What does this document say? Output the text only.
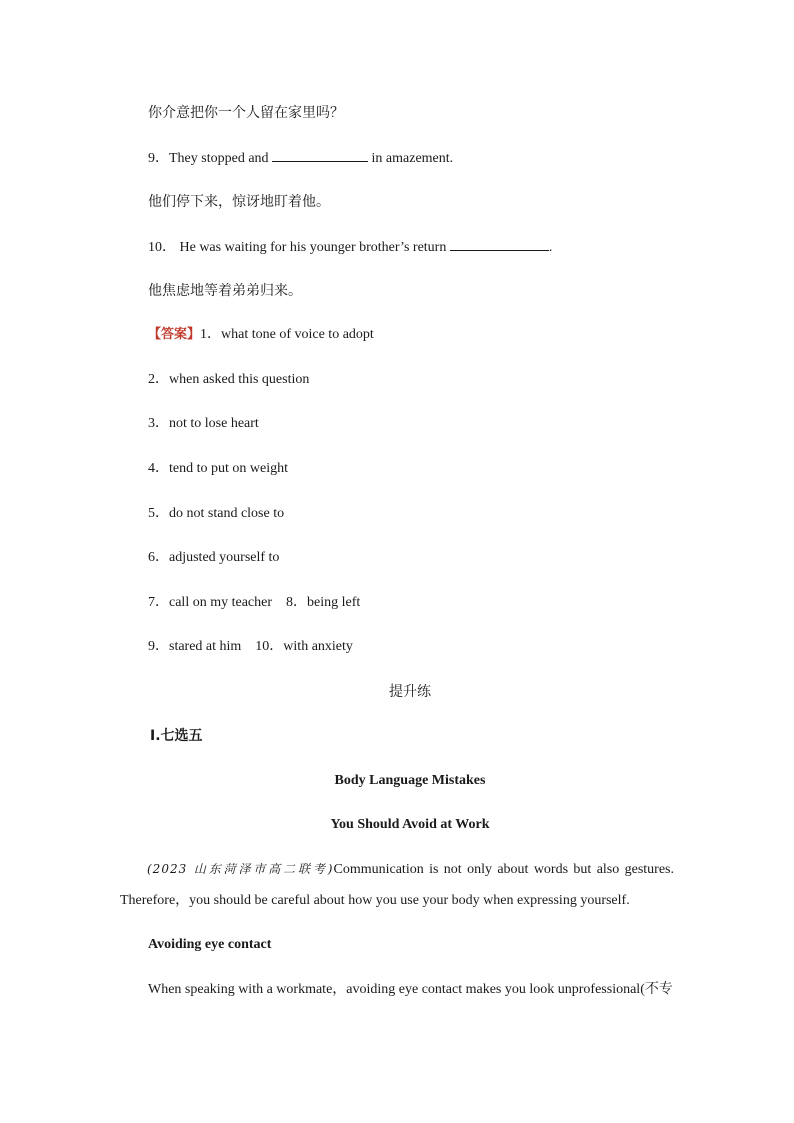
你介意把你一个人留在家里吗？
9．They stopped and	in amazement.
他们停下来，惊讶地盯着他。
10． He was waiting for his younger brother’s return	.
他焦虑地等着弟弟归来。
【答案】1．what tone of voice to adopt
2．when asked this question
3．not to lose heart
4．tend to put on weight
5．do not stand close to
6．adjusted yourself to
7．call on my teacher　8．being left
9．stared at him　10．with anxiety
提升练
Ⅰ.七选五
Body Language Mistakes
You Should Avoid at Work
(2023 山东菏泽市高二联考)Communication is not only about words but also gestures. Therefore，you should be careful about how you use your body when expressing yourself.
Avoiding eye contact
When speaking with a workmate，avoiding eye contact makes you look unprofessional(不专
